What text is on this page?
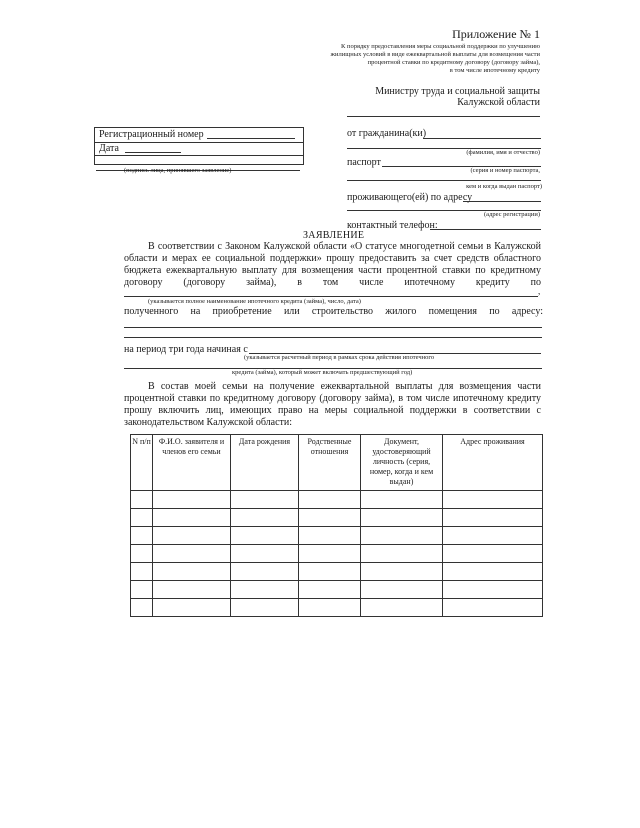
Приложение № 1
К порядку предоставления меры социальной поддержки по улучшению
жилищных условий в виде ежеквартальной выплаты для возмещения части
процентной ставки по кредитному договору (договору займа),
в том числе ипотечному кредиту
Министру труда и социальной защиты
Калужской области
Регистрационный номер
Дата
(подпись лица, принявшего заявление)
от гражданина(ки)
(фамилия, имя и отчество)
паспорт
(серия и номер паспорта,
кем и когда выдан паспорт)
проживающего(ей) по адресу
(адрес регистрации)
контактный телефон:
ЗАЯВЛЕНИЕ
В соответствии с Законом Калужской области «О статусе многодетной семьи в Калужской
области и мерах ее социальной поддержки» прошу предоставить за счет средств областного
бюджета ежеквартальную выплату для возмещения части процентной ставки по кредитному
договору (договору займа), в том числе ипотечному кредиту по
,
(указывается полное наименование ипотечного кредита (займа), число, дата)
полученного на приобретение или строительство жилого помещения по адресу:
на период три года начиная с
(указывается расчетный период в рамках срока действия ипотечного
кредита (займа), который может включать предшествующий год)
В состав моей семьи на получение ежеквартальной выплаты для возмещения части
процентной ставки по кредитному договору (договору займа), в том числе ипотечному кредиту
прошу включить лиц, имеющих право на меры социальной поддержки в соответствии с
законодательством Калужской области:
N п/п	Ф.И.О. заявителя и членов его семьи	Дата рождения	Родственные отношения	Документ, удостоверяющий личность (серия, номер, когда и кем выдан)	Адрес проживания
